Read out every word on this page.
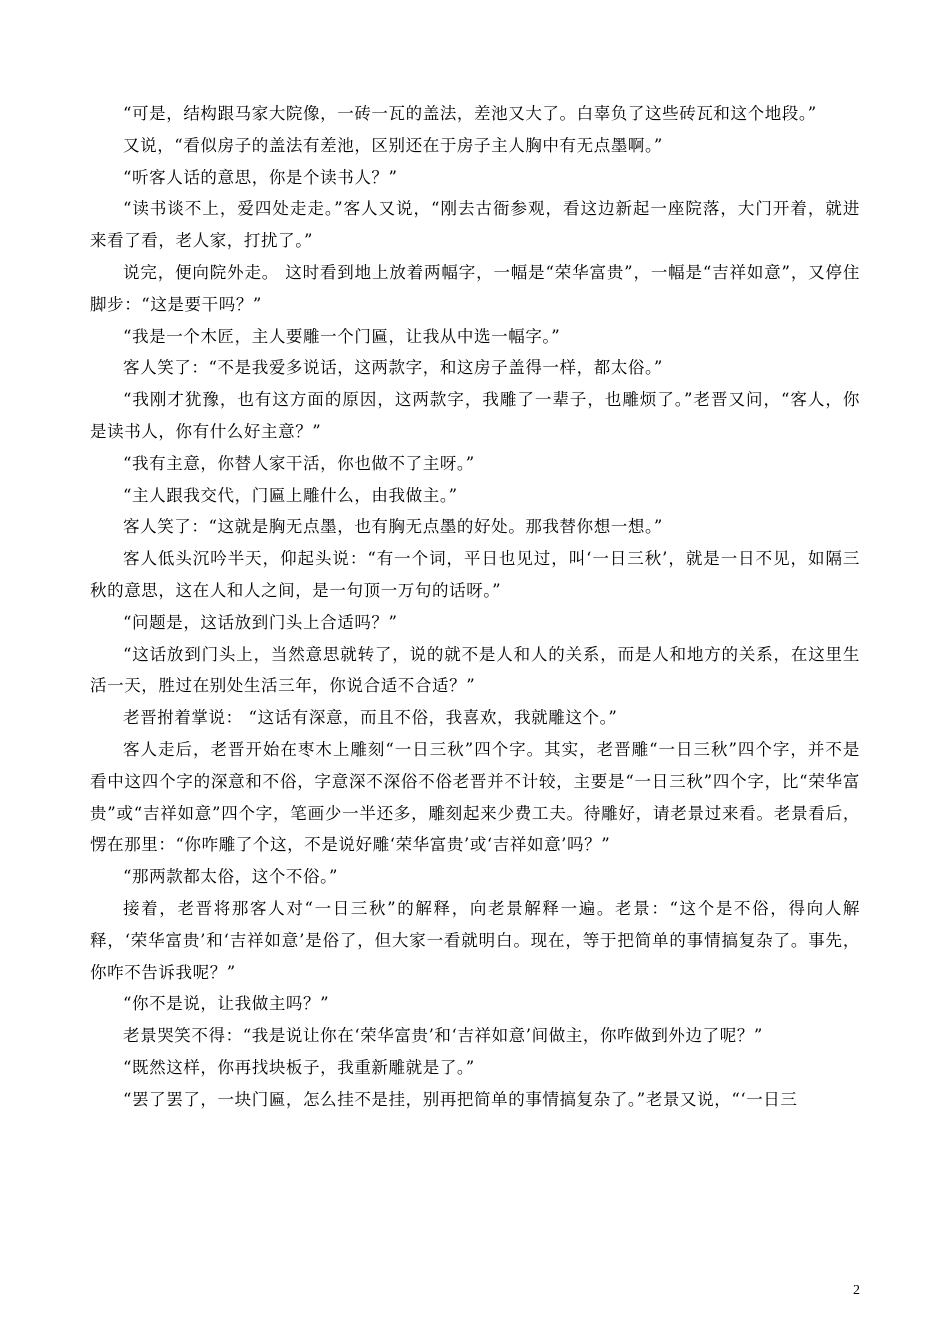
“可是，结构跟马家大院像，一砖一瓦的盖法，差池又大了。白辜负了这些砖瓦和这个地段。”

又说，“看似房子的盖法有差池，区别还在于房子主人胸中有无点墨啊。”

“听客人话的意思，你是个读书人？”

“读书谈不上，爱四处走走。”客人又说，“刚去古衙参观，看这边新起一座院落，大门开着，就进来看了看，老人家，打扰了。”

说完，便向院外走。 这时看到地上放着两幅字，一幅是“荣华富贵”，一幅是“吉祥如意”，又停住脚步：“这是要干吗？”

“我是一个木匠，主人要雕一个门匾，让我从中选一幅字。”

客人笑了：“不是我爱多说话，这两款字，和这房子盖得一样，都太俗。”

“我刚才犹豫，也有这方面的原因，这两款字，我雕了一辈子，也雕烦了。”老晋又问，“客人，你是读书人，你有什么好主意？”

“我有主意，你替人家干活，你也做不了主呀。”

“主人跟我交代，门匾上雕什么，由我做主。”

客人笑了：“这就是胸无点墨，也有胸无点墨的好处。那我替你想一想。”

客人低头沉吟半天，仰起头说：“有一个词，平日也见过，叫‘一日三秋’，就是一日不见，如隔三秋的意思，这在人和人之间，是一句顶一万句的话呀。”

“问题是，这话放到门头上合适吗？”

“这话放到门头上，当然意思就转了，说的就不是人和人的关系，而是人和地方的关系，在这里生活一天，胜过在别处生活三年，你说合适不合适？”

老晋拊着掌说： “这话有深意，而且不俗，我喜欢，我就雕这个。”

客人走后，老晋开始在枣木上雕刻“一日三秋”四个字。其实，老晋雕“一日三秋”四个字，并不是看中这四个字的深意和不俗，字意深不深俗不俗老晋并不计较，主要是“一日三秋”四个字，比“荣华富贵”或“吉祥如意”四个字，笔画少一半还多，雕刻起来少费工夫。待雕好，请老景过来看。老景看后，愣在那里：“你咋雕了个这，不是说好雕‘荣华富贵’或‘吉祥如意’吗？”

“那两款都太俗，这个不俗。”

接着，老晋将那客人对“一日三秋”的解释，向老景解释一遍。老景：“这个是不俗，得向人解释，‘荣华富贵’和‘吉祥如意’是俗了，但大家一看就明白。现在，等于把简单的事情搞复杂了。事先，你咋不告诉我呢？”

“你不是说，让我做主吗？”

老景哭笑不得：“我是说让你在‘荣华富贵’和‘吉祥如意’间做主，你咋做到外边了呢？”

“既然这样，你再找块板子，我重新雕就是了。”

“罢了罢了，一块门匾，怎么挂不是挂，别再把简单的事情搞复杂了。”老景又说，“‘一日三

2
